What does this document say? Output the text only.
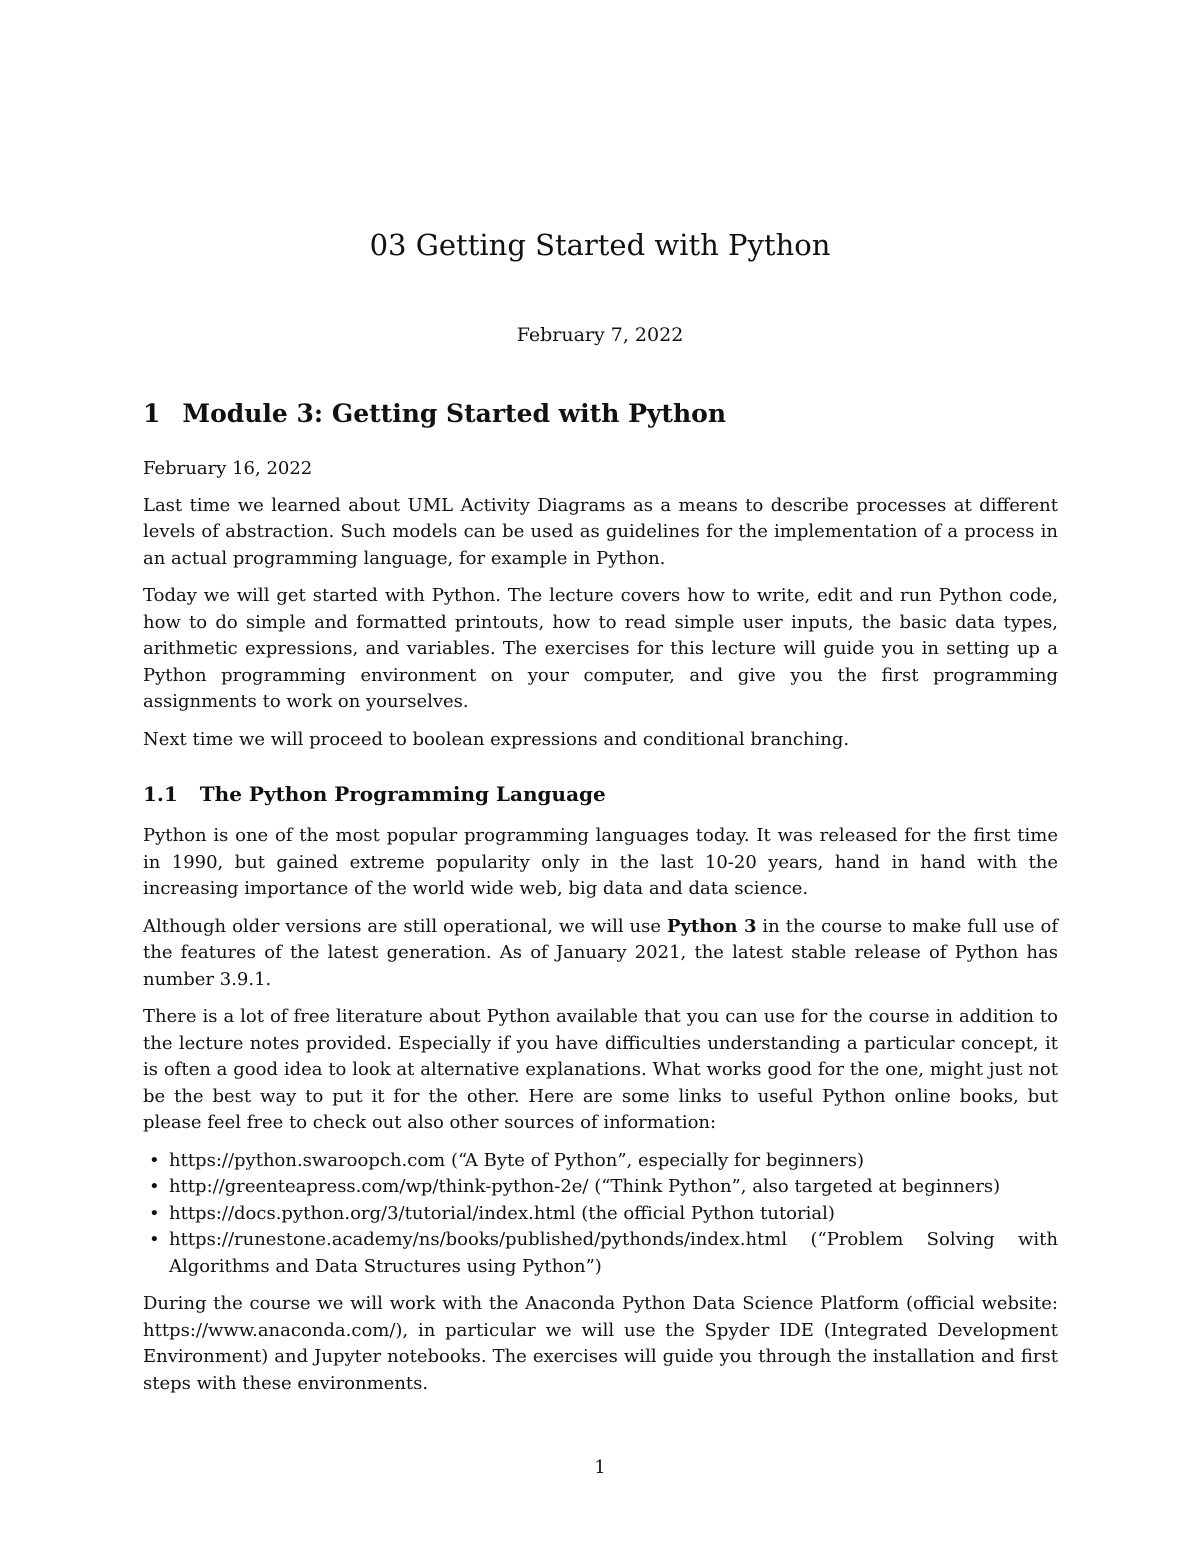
03 Getting Started with Python
February 7, 2022
1 Module 3: Getting Started with Python

February 16, 2022

Last time we learned about UML Activity Diagrams as a means to describe processes at different levels of abstraction. Such models can be used as guidelines for the implementation of a process in an actual programming language, for example in Python.

Today we will get started with Python. The lecture covers how to write, edit and run Python code, how to do simple and formatted printouts, how to read simple user inputs, the basic data types, arithmetic expressions, and variables. The exercises for this lecture will guide you in setting up a Python programming environment on your computer, and give you the first programming assignments to work on yourselves.

Next time we will proceed to boolean expressions and conditional branching.

1.1 The Python Programming Language

Python is one of the most popular programming languages today. It was released for the first time in 1990, but gained extreme popularity only in the last 10-20 years, hand in hand with the increasing importance of the world wide web, big data and data science.

Although older versions are still operational, we will use Python 3 in the course to make full use of the features of the latest generation. As of January 2021, the latest stable release of Python has number 3.9.1.

There is a lot of free literature about Python available that you can use for the course in addition to the lecture notes provided. Especially if you have difficulties understanding a particular concept, it is often a good idea to look at alternative explanations. What works good for the one, might just not be the best way to put it for the other. Here are some links to useful Python online books, but please feel free to check out also other sources of information:

• https://python.swaroopch.com (“A Byte of Python”, especially for beginners)
• http://greenteapress.com/wp/think-python-2e/ (“Think Python”, also targeted at beginners)
• https://docs.python.org/3/tutorial/index.html (the official Python tutorial)
• https://runestone.academy/ns/books/published/pythonds/index.html (“Problem Solving with Algorithms and Data Structures using Python”)

During the course we will work with the Anaconda Python Data Science Platform (official website: https://www.anaconda.com/), in particular we will use the Spyder IDE (Integrated Development Environment) and Jupyter notebooks. The exercises will guide you through the installation and first steps with these environments.

1
